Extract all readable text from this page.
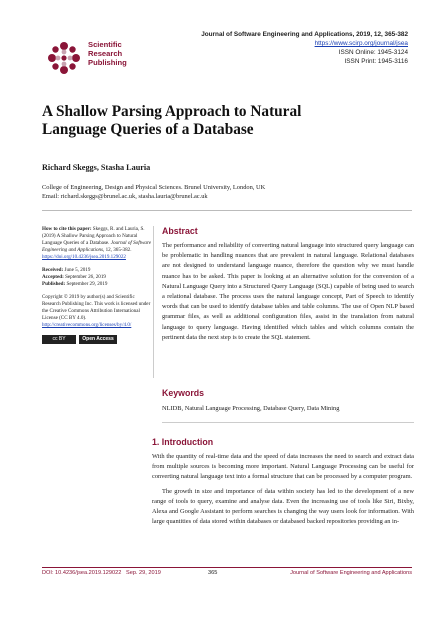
Scientific
Research
Publishing
Journal of Software Engineering and Applications, 2019, 12, 365-382
https://www.scirp.org/journal/jsea
ISSN Online: 1945-3124
ISSN Print: 1945-3116
A Shallow Parsing Approach to Natural
Language Queries of a Database
Richard Skeggs, Stasha Lauria
College of Engineering, Design and Physical Sciences. Brunel University, London, UK
Email: richard.skeggs@brunel.ac.uk, stasha.lauria@brunel.ac.uk

How to cite this paper: Skeggs, R. and Lauria, S. (2019) A Shallow Parsing Approach to Natural Language Queries of a Database. Journal of Software Engineering and Applications, 12, 365-382. https://doi.org/10.4236/jsea.2019.129022

Received: June 5, 2019
Accepted: September 26, 2019
Published: September 29, 2019

Copyright © 2019 by author(s) and Scientific Research Publishing Inc. This work is licensed under the Creative Commons Attribution International License (CC BY 4.0).
http://creativecommons.org/licenses/by/4.0/

cc BY	Open Access
Abstract
The performance and reliability of converting natural language into structured query language can be problematic in handling nuances that are prevalent in natural language. Relational databases are not designed to understand language nuance, therefore the question why we must handle nuance has to be asked. This paper is looking at an alternative solution for the conversion of a Natural Language Query into a Structured Query Language (SQL) capable of being used to search a relational database. The process uses the natural language concept, Part of Speech to identify words that can be used to identify database tables and table columns. The use of Open NLP based grammar files, as well as additional configuration files, assist in the translation from natural language to query language. Having identified which tables and which columns contain the pertinent data the next step is to create the SQL statement.
Keywords
NLIDB, Natural Language Processing, Database Query, Data Mining
1. Introduction

With the quantity of real-time data and the speed of data increases the need to search and extract data from multiple sources is becoming more important. Natural Language Processing can be useful for converting natural language text into a formal structure that can be processed by a computer program.

The growth in size and importance of data within society has led to the development of a new range of tools to query, examine and analyse data. Even the increasing use of tools like Siri, Bixby, Alexa and Google Assistant to perform searches is changing the way users look for information. With large quantities of data stored within databases or databased backed repositories providing an in-

DOI: 10.4236/jsea.2019.129022 Sep. 29, 2019	365	Journal of Software Engineering and Applications
